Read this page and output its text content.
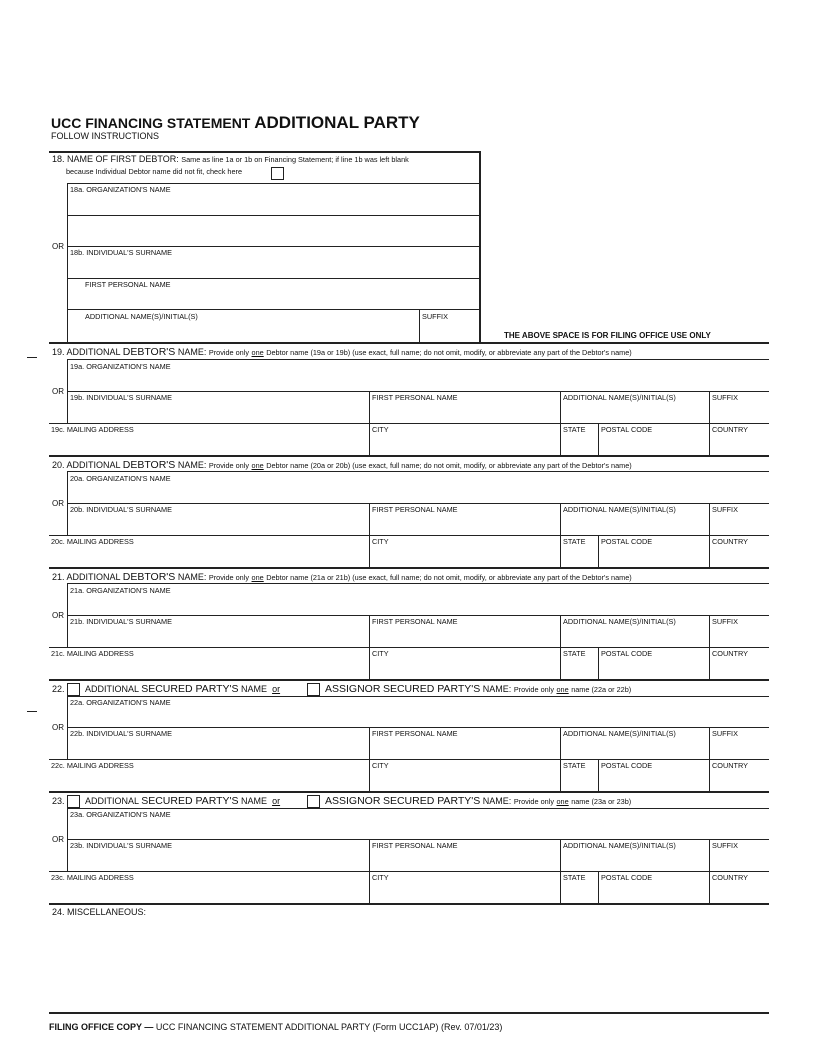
UCC FINANCING STATEMENT ADDITIONAL PARTY
FOLLOW INSTRUCTIONS
18. NAME OF FIRST DEBTOR: Same as line 1a or 1b on Financing Statement; if line 1b was left blank
because Individual Debtor name did not fit, check here
18a. ORGANIZATION'S NAME
OR
18b. INDIVIDUAL'S SURNAME
FIRST PERSONAL NAME
ADDITIONAL NAME(S)/INITIAL(S)	SUFFIX
THE ABOVE SPACE IS FOR FILING OFFICE USE ONLY
19. ADDITIONAL DEBTOR'S NAME: Provide only one Debtor name (19a or 19b) (use exact, full name; do not omit, modify, or abbreviate any part of the Debtor's name)
19a. ORGANIZATION'S NAME
OR
19b. INDIVIDUAL'S SURNAME	FIRST PERSONAL NAME	ADDITIONAL NAME(S)/INITIAL(S)	SUFFIX
19c. MAILING ADDRESS	CITY	STATE POSTAL CODE	COUNTRY
20. ADDITIONAL DEBTOR'S NAME: Provide only one Debtor name (20a or 20b) (use exact, full name; do not omit, modify, or abbreviate any part of the Debtor's name)
20a. ORGANIZATION'S NAME
OR
20b. INDIVIDUAL'S SURNAME	FIRST PERSONAL NAME	ADDITIONAL NAME(S)/INITIAL(S)	SUFFIX
20c. MAILING ADDRESS	CITY	STATE POSTAL CODE	COUNTRY
21. ADDITIONAL DEBTOR'S NAME: Provide only one Debtor name (21a or 21b) (use exact, full name; do not omit, modify, or abbreviate any part of the Debtor's name)
21a. ORGANIZATION'S NAME
OR
21b. INDIVIDUAL'S SURNAME	FIRST PERSONAL NAME	ADDITIONAL NAME(S)/INITIAL(S)	SUFFIX
21c. MAILING ADDRESS	CITY	STATE POSTAL CODE	COUNTRY
22. ADDITIONAL SECURED PARTY'S NAME or	ASSIGNOR SECURED PARTY'S NAME: Provide only one name (22a or 22b)
22a. ORGANIZATION'S NAME
OR
22b. INDIVIDUAL'S SURNAME	FIRST PERSONAL NAME	ADDITIONAL NAME(S)/INITIAL(S)	SUFFIX
22c. MAILING ADDRESS	CITY	STATE POSTAL CODE	COUNTRY
23. ADDITIONAL SECURED PARTY'S NAME or	ASSIGNOR SECURED PARTY'S NAME: Provide only one name (23a or 23b)
23a. ORGANIZATION'S NAME
OR
23b. INDIVIDUAL'S SURNAME	FIRST PERSONAL NAME	ADDITIONAL NAME(S)/INITIAL(S)	SUFFIX
23c. MAILING ADDRESS	CITY	STATE POSTAL CODE	COUNTRY
24. MISCELLANEOUS:
FILING OFFICE COPY — UCC FINANCING STATEMENT ADDITIONAL PARTY (Form UCC1AP) (Rev. 07/01/23)
